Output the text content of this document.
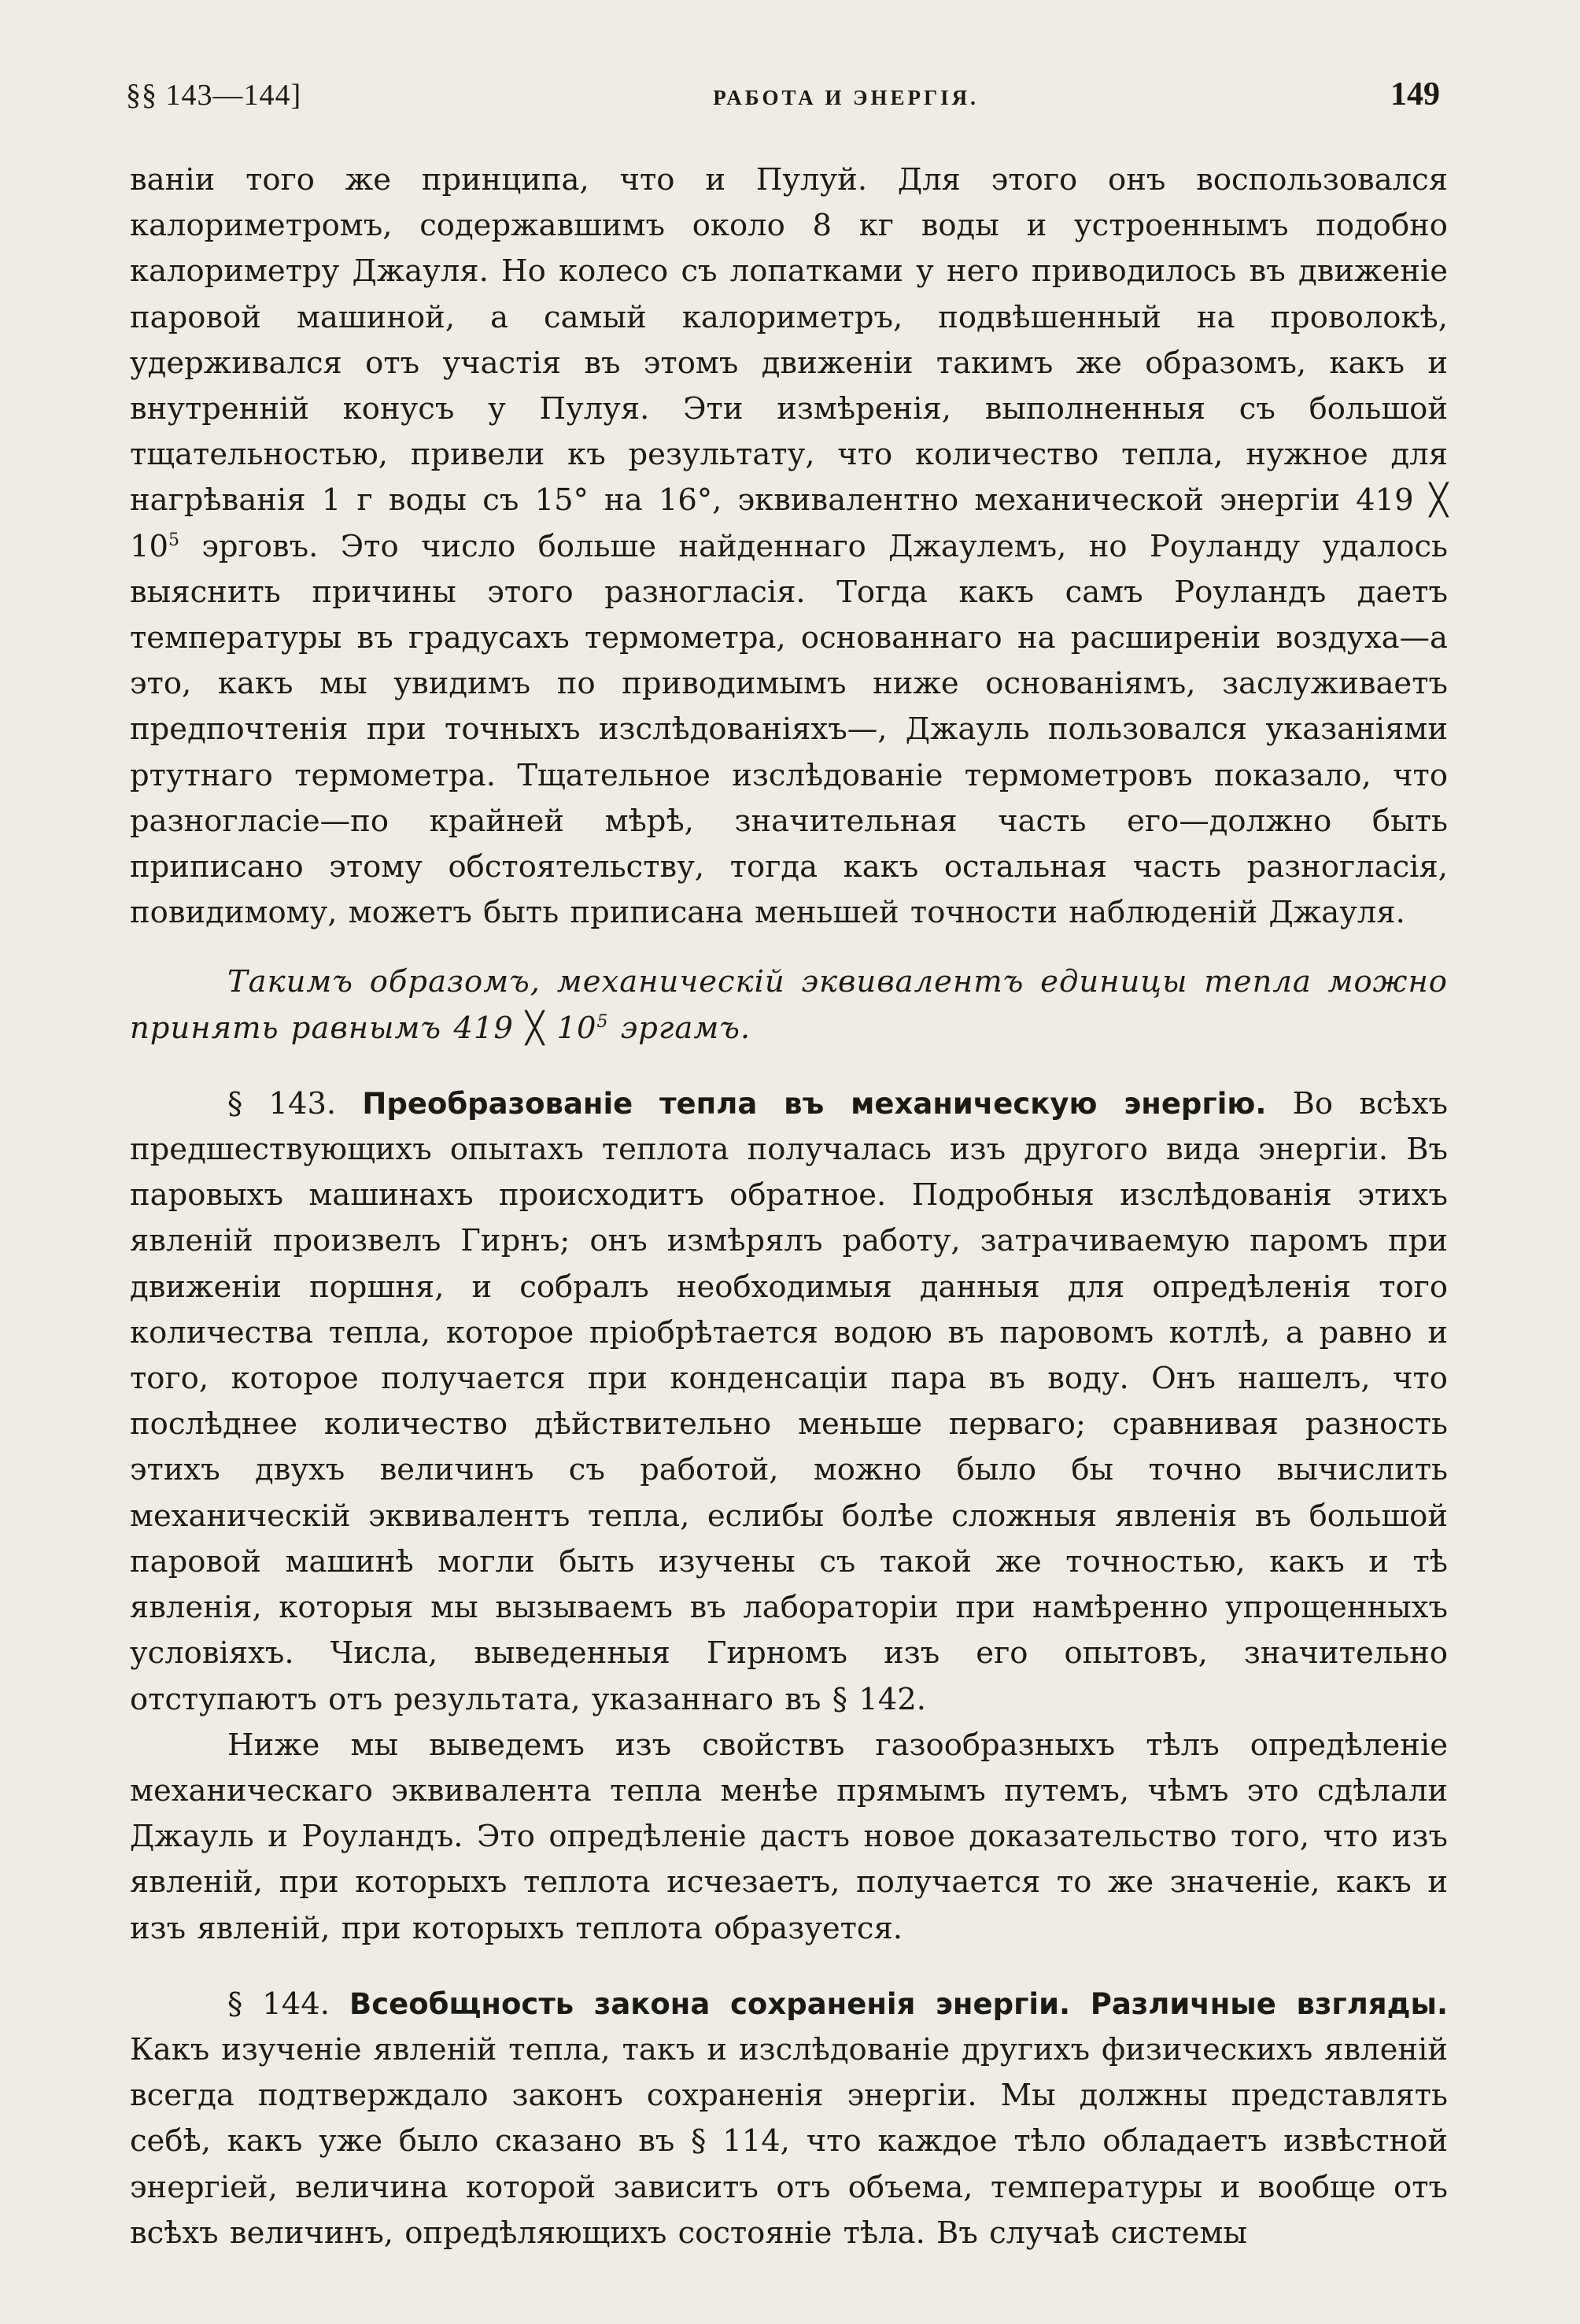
§§ 143—144]	РАБОТА И ЭНЕРГІЯ.	149

ваніи того же принципа, что и Пулуй. Для этого онъ воспользовался калориметромъ, содержавшимъ около 8 кг воды и устроеннымъ подобно калориметру Джауля. Но колесо съ лопатками у него приводилось въ движеніе паровой машиной, а самый калориметръ, подвѣшенный на проволокѣ, удерживался отъ участія въ этомъ движеніи такимъ же образомъ, какъ и внутренній конусъ у Пулуя. Эти измѣренія, выполненныя съ большой тщательностью, привели къ результату, что количество тепла, нужное для нагрѣванія 1 г воды съ 15° на 16°, эквивалентно механической энергіи 419 ╳ $10^5$ эрговъ. Это число больше найденнаго Джаулемъ, но Роуланду удалось выяснить причины этого разногласія. Тогда какъ самъ Роуландъ даетъ температуры въ градусахъ термометра, основаннаго на расширеніи воздуха—а это, какъ мы увидимъ по приводимымъ ниже основаніямъ, заслуживаетъ предпочтенія при точныхъ изслѣдованіяхъ—, Джауль пользовался указаніями ртутнаго термометра. Тщательное изслѣдованіе термометровъ показало, что разногласіе—по крайней мѣрѣ, значительная часть его—должно быть приписано этому обстоятельству, тогда какъ остальная часть разногласія, повидимому, можетъ быть приписана меньшей точности наблюденій Джауля.

Такимъ образомъ, механическій эквивалентъ единицы тепла можно принять равнымъ 419 ╳ $10^5$ эргамъ.

§ 143. Преобразованіе тепла въ механическую энергію. Во всѣхъ предшествующихъ опытахъ теплота получалась изъ другого вида энергіи. Въ паровыхъ машинахъ происходитъ обратное. Подробныя изслѣдованія этихъ явленій произвелъ Гирнъ; онъ измѣрялъ работу, затрачиваемую паромъ при движеніи поршня, и собралъ необходимыя данныя для опредѣленія того количества тепла, которое пріобрѣтается водою въ паровомъ котлѣ, а равно и того, которое получается при конденсаціи пара въ воду. Онъ нашелъ, что послѣднее количество дѣйствительно меньше перваго; сравнивая разность этихъ двухъ величинъ съ работой, можно было бы точно вычислить механическій эквивалентъ тепла, еслибы болѣе сложныя явленія въ большой паровой машинѣ могли быть изучены съ такой же точностью, какъ и тѣ явленія, которыя мы вызываемъ въ лабораторіи при намѣренно упрощенныхъ условіяхъ. Числа, выведенныя Гирномъ изъ его опытовъ, значительно отступаютъ отъ результата, указаннаго въ § 142.

Ниже мы выведемъ изъ свойствъ газообразныхъ тѣлъ опредѣленіе механическаго эквивалента тепла менѣе прямымъ путемъ, чѣмъ это сдѣлали Джауль и Роуландъ. Это опредѣленіе дастъ новое доказательство того, что изъ явленій, при которыхъ теплота исчезаетъ, получается то же значеніе, какъ и изъ явленій, при которыхъ теплота образуется.

§ 144. Всеобщность закона сохраненія энергіи. Различные взгляды. Какъ изученіе явленій тепла, такъ и изслѣдованіе другихъ физическихъ явленій всегда подтверждало законъ сохраненія энергіи. Мы должны представлять себѣ, какъ уже было сказано въ § 114, что каждое тѣло обладаетъ извѣстной энергіей, величина которой зависитъ отъ объема, температуры и вообще отъ всѣхъ величинъ, опредѣляющихъ состояніе тѣла. Въ случаѣ системы
